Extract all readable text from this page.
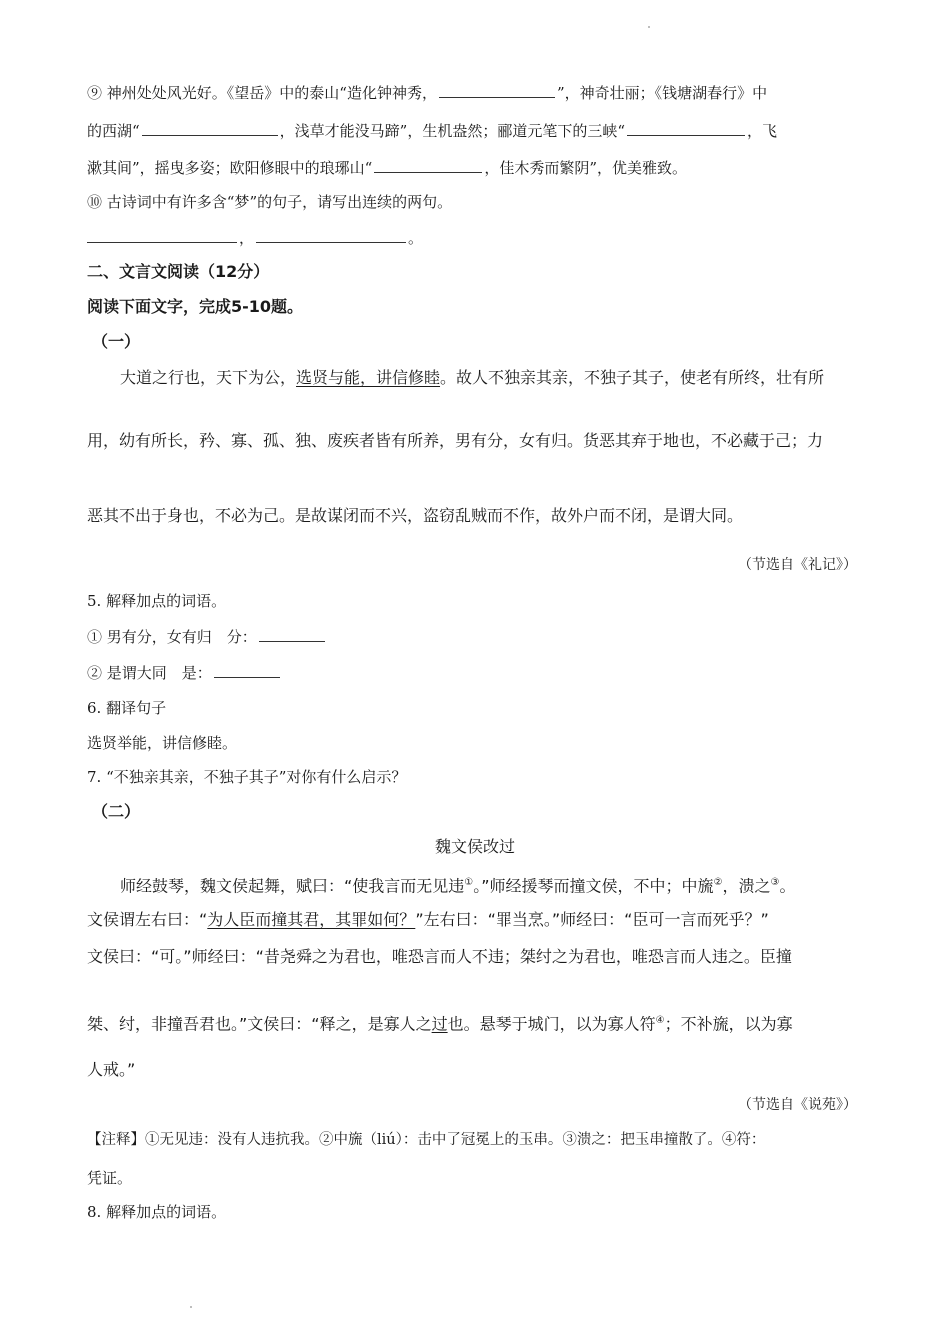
⑨ 神州处处风光好。《望岳》中的泰山“造化钟神秀，	”，神奇壮丽；《钱塘湖春行》中
的西湖“	，浅草才能没马蹄”，生机盎然；郦道元笔下的三峡“	，飞
漱其间”，摇曳多姿；欧阳修眼中的琅琊山“	，佳木秀而繁阴”，优美雅致。
⑩ 古诗词中有许多含“梦”的句子，请写出连续的两句。
，	。
二、文言文阅读（12分）
阅读下面文字，完成5-10题。
（一）
大道之行也，天下为公，选贤与能，讲信修睦。故人不独亲其亲，不独子其子，使老有所终，壮有所
用，幼有所长，矜、寡、孤、独、废疾者皆有所养，男有分，女有归。货恶其弃于地也，不必藏于己；力
恶其不出于身也，不必为己。是故谋闭而不兴，盗窃乱贼而不作，故外户而不闭，是谓大同。
（节选自《礼记》）
5. 解释加点的词语。
① 男有分，女有归　分：
② 是谓大同　是：
6. 翻译句子
选贤举能，讲信修睦。
7. “不独亲其亲，不独子其子”对你有什么启示？
（二）
魏文侯改过
师经鼓琴，魏文侯起舞，赋曰：“使我言而无见违①。”师经援琴而撞文侯，不中；中旒②，溃之③。
文侯谓左右曰：“为人臣而撞其君，其罪如何？”左右曰：“罪当烹。”师经曰：“臣可一言而死乎？”
文侯曰：“可。”师经曰：“昔尧舜之为君也，唯恐言而人不违；桀纣之为君也，唯恐言而人违之。臣撞
桀、纣，非撞吾君也。”文侯曰：“释之，是寡人之过也。悬琴于城门，以为寡人符④；不补旒，以为寡
人戒。”
（节选自《说苑》）
【注释】①无见违：没有人违抗我。②中旒（liú）：击中了冠冕上的玉串。③溃之：把玉串撞散了。④符：
凭证。
8. 解释加点的词语。
